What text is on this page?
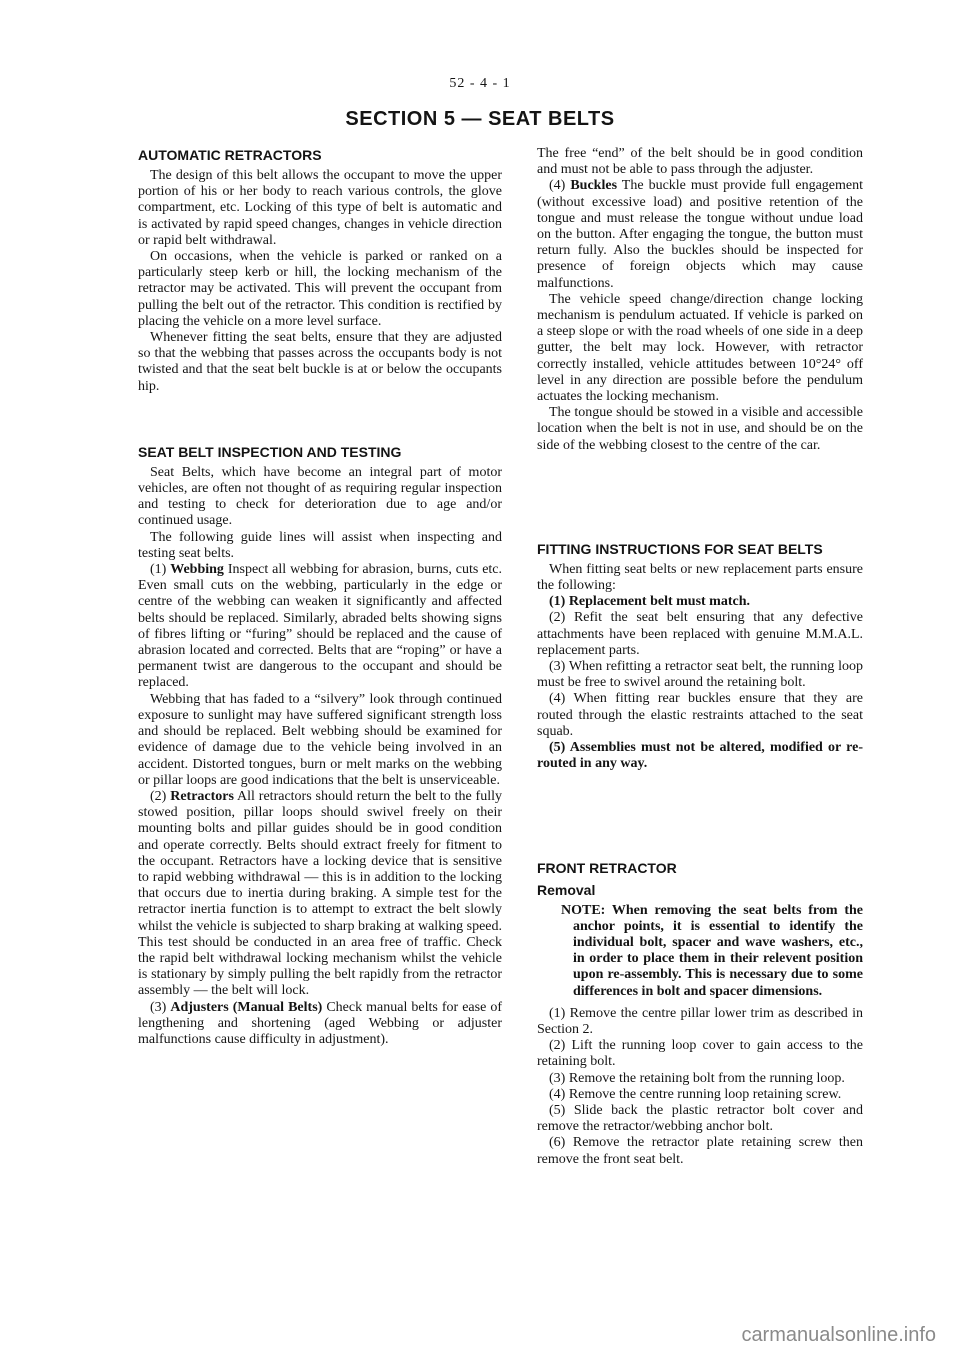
52 - 4 - 1
SECTION 5 — SEAT BELTS
AUTOMATIC RETRACTORS

The design of this belt allows the occupant to move the upper portion of his or her body to reach various controls, the glove compartment, etc. Locking of this type of belt is automatic and is activated by rapid speed changes, changes in vehicle direction or rapid belt withdrawal.

On occasions, when the vehicle is parked or ranked on a particularly steep kerb or hill, the locking mechanism of the retractor may be activated. This will prevent the occupant from pulling the belt out of the retractor. This condition is rectified by placing the vehicle on a more level surface.

Whenever fitting the seat belts, ensure that they are adjusted so that the webbing that passes across the occupants body is not twisted and that the seat belt buckle is at or below the occupants hip.

SEAT BELT INSPECTION AND TESTING

Seat Belts, which have become an integral part of motor vehicles, are often not thought of as requiring regular inspection and testing to check for deterioration due to age and/or continued usage.

The following guide lines will assist when inspecting and testing seat belts.

(1) Webbing Inspect all webbing for abrasion, burns, cuts etc. Even small cuts on the webbing, particularly in the edge or centre of the webbing can weaken it significantly and affected belts should be replaced. Similarly, abraded belts showing signs of fibres lifting or “furing” should be replaced and the cause of abrasion located and corrected. Belts that are “roping” or have a permanent twist are dangerous to the occupant and should be replaced.

Webbing that has faded to a “silvery” look through continued exposure to sunlight may have suffered significant strength loss and should be replaced. Belt webbing should be examined for evidence of damage due to the vehicle being involved in an accident. Distorted tongues, burn or melt marks on the webbing or pillar loops are good indications that the belt is unserviceable.

(2) Retractors All retractors should return the belt to the fully stowed position, pillar loops should swivel freely on their mounting bolts and pillar guides should be in good condition and operate correctly. Belts should extract freely for fitment to the occupant. Retractors have a locking device that is sensitive to rapid webbing withdrawal — this is in addition to the locking that occurs due to inertia during braking. A simple test for the retractor inertia function is to attempt to extract the belt slowly whilst the vehicle is subjected to sharp braking at walking speed. This test should be conducted in an area free of traffic. Check the rapid belt withdrawal locking mechanism whilst the vehicle is stationary by simply pulling the belt rapidly from the retractor assembly — the belt will lock.

(3) Adjusters (Manual Belts) Check manual belts for ease of lengthening and shortening (aged Webbing or adjuster malfunctions cause difficulty in adjustment).

The free “end” of the belt should be in good condition and must not be able to pass through the adjuster.

(4) Buckles The buckle must provide full engagement (without excessive load) and positive retention of the tongue and must release the tongue without undue load on the button. After engaging the tongue, the button must return fully. Also the buckles should be inspected for presence of foreign objects which may cause malfunctions.

The vehicle speed change/direction change locking mechanism is pendulum actuated. If vehicle is parked on a steep slope or with the road wheels of one side in a deep gutter, the belt may lock. However, with retractor correctly installed, vehicle attitudes between 10°24° off level in any direction are possible before the pendulum actuates the locking mechanism.

The tongue should be stowed in a visible and accessible location when the belt is not in use, and should be on the side of the webbing closest to the centre of the car.

FITTING INSTRUCTIONS FOR SEAT BELTS

When fitting seat belts or new replacement parts ensure the following:

(1) Replacement belt must match.

(2) Refit the seat belt ensuring that any defective attachments have been replaced with genuine M.M.A.L. replacement parts.

(3) When refitting a retractor seat belt, the running loop must be free to swivel around the retaining bolt.

(4) When fitting rear buckles ensure that they are routed through the elastic restraints attached to the seat squab.

(5) Assemblies must not be altered, modified or re-routed in any way.

FRONT RETRACTOR
Removal
NOTE: When removing the seat belts from the anchor points, it is essential to identify the individual bolt, spacer and wave washers, etc., in order to place them in their relevent position upon re-assembly. This is necessary due to some differences in bolt and spacer dimensions.

(1) Remove the centre pillar lower trim as described in Section 2.

(2) Lift the running loop cover to gain access to the retaining bolt.

(3) Remove the retaining bolt from the running loop.

(4) Remove the centre running loop retaining screw.

(5) Slide back the plastic retractor bolt cover and remove the retractor/webbing anchor bolt.

(6) Remove the retractor plate retaining screw then remove the front seat belt.

carmanualsonline.info
